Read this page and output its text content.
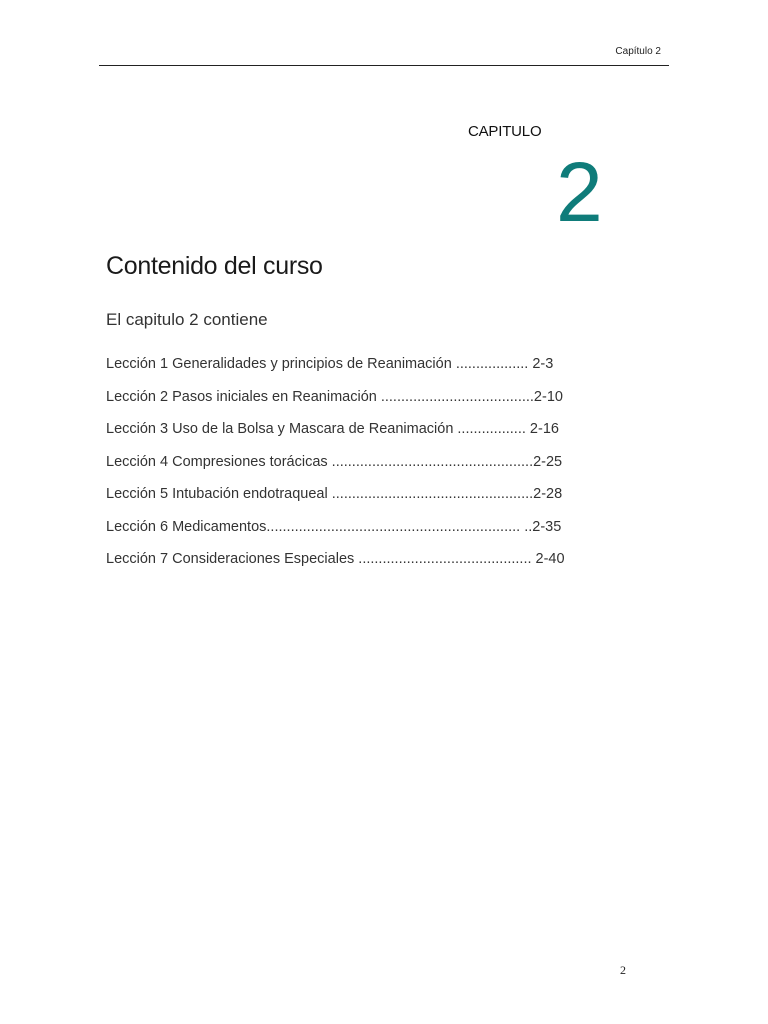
Capítulo 2
CAPITULO
2
Contenido del curso
El capitulo 2 contiene
Lección 1 Generalidades y principios de Reanimación .................. 2-3
Lección 2 Pasos iniciales en Reanimación ......................................2-10
Lección 3 Uso de la Bolsa y Mascara de Reanimación ................. 2-16
Lección 4 Compresiones torácicas ..................................................2-25
Lección 5 Intubación endotraqueal ..................................................2-28
Lección 6 Medicamentos............................................................... ..2-35
Lección 7 Consideraciones Especiales ........................................... 2-40
2
